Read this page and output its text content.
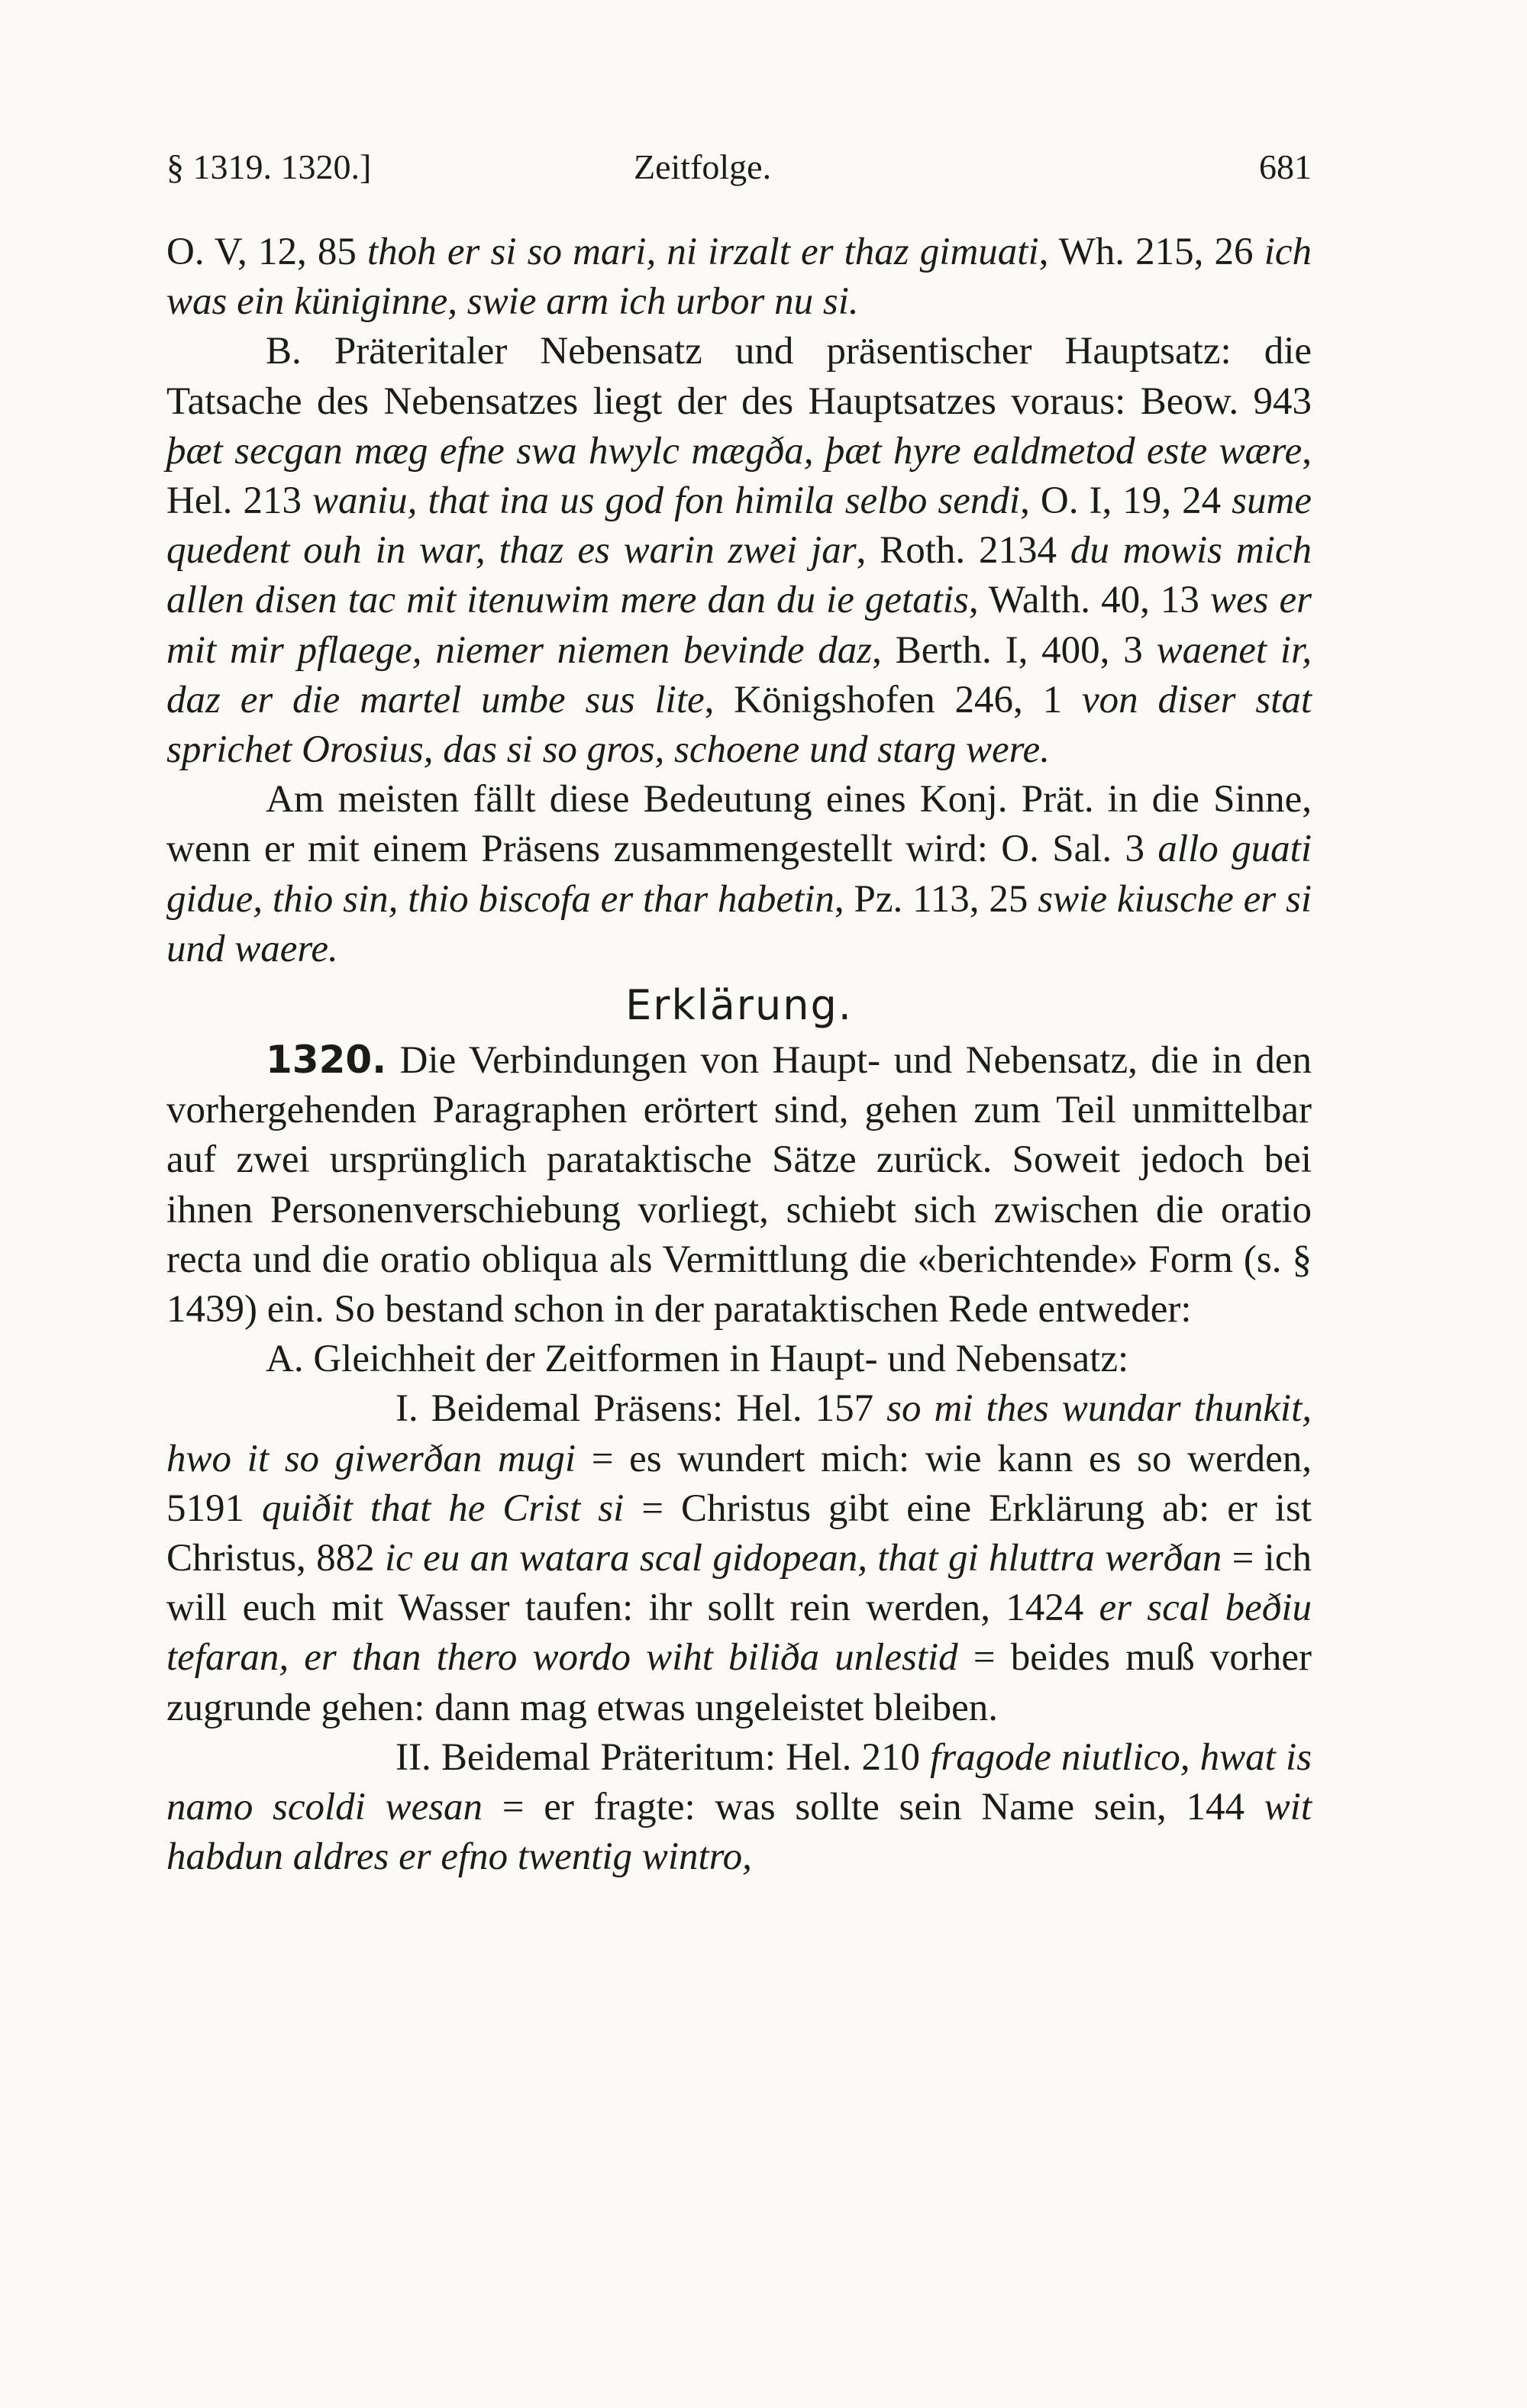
§ 1319. 1320.]	Zeitfolge.	681

O. V, 12, 85 thoh er si so mari, ni irzalt er thaz gimuati, Wh. 215, 26 ich was ein küniginne, swie arm ich urbor nu si.

B. Präteritaler Nebensatz und präsentischer Hauptsatz: die Tatsache des Nebensatzes liegt der des Hauptsatzes voraus: Beow. 943 þæt secgan mæg efne swa hwylc mægða, þæt hyre ealdmetod este wære, Hel. 213 waniu, that ina us god fon himila selbo sendi, O. I, 19, 24 sume quedent ouh in war, thaz es warin zwei jar, Roth. 2134 du mowis mich allen disen tac mit itenuwim mere dan du ie getatis, Walth. 40, 13 wes er mit mir pflaege, niemer niemen bevinde daz, Berth. I, 400, 3 waenet ir, daz er die martel umbe sus lite, Königshofen 246, 1 von diser stat sprichet Orosius, das si so gros, schoene und starg were.

Am meisten fällt diese Bedeutung eines Konj. Prät. in die Sinne, wenn er mit einem Präsens zusammengestellt wird: O. Sal. 3 allo guati gidue, thio sin, thio biscofa er thar habetin, Pz. 113, 25 swie kiusche er si und waere.

Erklärung.

1320. Die Verbindungen von Haupt- und Nebensatz, die in den vorhergehenden Paragraphen erörtert sind, gehen zum Teil unmittelbar auf zwei ursprünglich parataktische Sätze zurück. Soweit jedoch bei ihnen Personenverschiebung vorliegt, schiebt sich zwischen die oratio recta und die oratio obliqua als Vermittlung die «berichtende» Form (s. § 1439) ein. So bestand schon in der parataktischen Rede entweder:

A. Gleichheit der Zeitformen in Haupt- und Nebensatz:

I. Beidemal Präsens: Hel. 157 so mi thes wundar thunkit, hwo it so giwerðan mugi = es wundert mich: wie kann es so werden, 5191 quiðit that he Crist si = Christus gibt eine Erklärung ab: er ist Christus, 882 ic eu an watara scal gidopean, that gi hluttra werðan = ich will euch mit Wasser taufen: ihr sollt rein werden, 1424 er scal beðiu tefaran, er than thero wordo wiht biliða unlestid = beides muß vorher zugrunde gehen: dann mag etwas ungeleistet bleiben.

II. Beidemal Präteritum: Hel. 210 fragode niutlico, hwat is namo scoldi wesan = er fragte: was sollte sein Name sein, 144 wit habdun aldres er efno twentig wintro,
